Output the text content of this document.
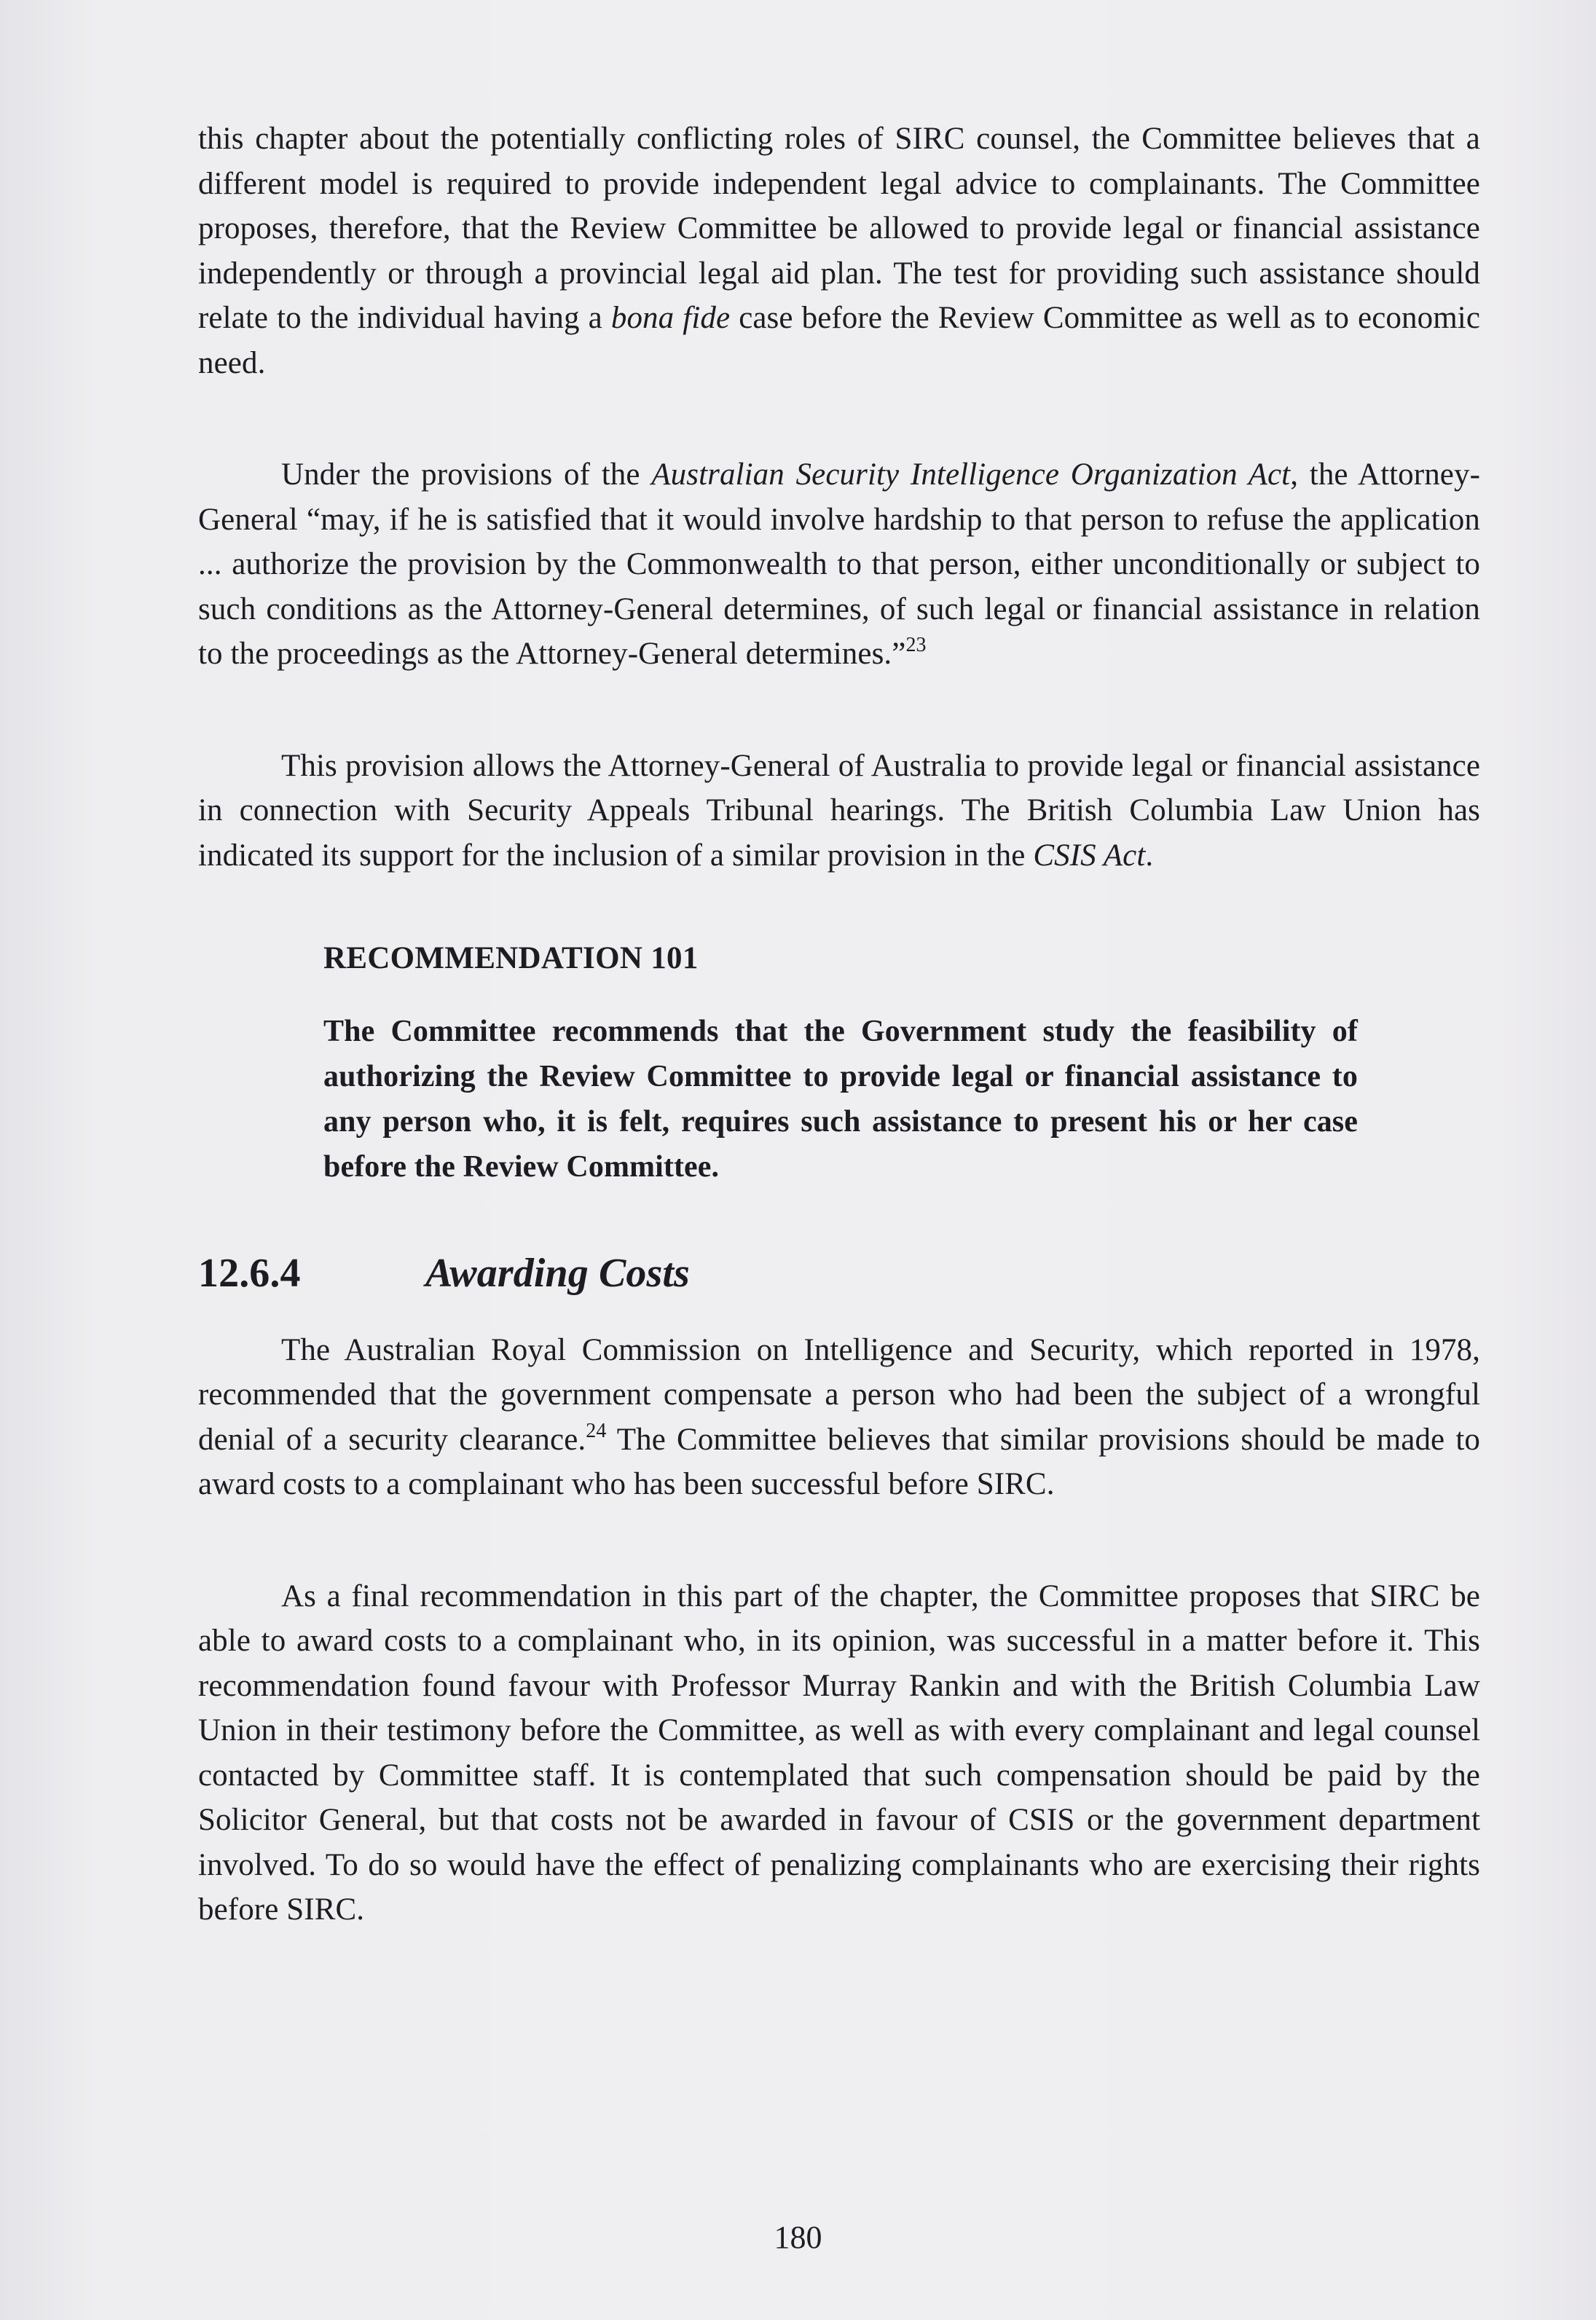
this chapter about the potentially conflicting roles of SIRC counsel, the Committee believes that a different model is required to provide independent legal advice to complainants. The Committee proposes, therefore, that the Review Committee be allowed to provide legal or financial assistance independently or through a provincial legal aid plan. The test for providing such assistance should relate to the individual having a bona fide case before the Review Committee as well as to economic need.

Under the provisions of the Australian Security Intelligence Organization Act, the Attorney-General “may, if he is satisfied that it would involve hardship to that person to refuse the application ... authorize the provision by the Commonwealth to that person, either unconditionally or subject to such conditions as the Attorney-General determines, of such legal or financial assistance in relation to the proceedings as the Attorney-General determines.”$^{23}$

This provision allows the Attorney-General of Australia to provide legal or financial assistance in connection with Security Appeals Tribunal hearings. The British Columbia Law Union has indicated its support for the inclusion of a similar provision in the CSIS Act.

RECOMMENDATION 101
The Committee recommends that the Government study the feasibility of authorizing the Review Committee to provide legal or financial assistance to any person who, it is felt, requires such assistance to present his or her case before the Review Committee.
12.6.4	Awarding Costs

The Australian Royal Commission on Intelligence and Security, which reported in 1978, recommended that the government compensate a person who had been the subject of a wrongful denial of a security clearance.$^{24}$ The Committee believes that similar provisions should be made to award costs to a complainant who has been successful before SIRC.

As a final recommendation in this part of the chapter, the Committee proposes that SIRC be able to award costs to a complainant who, in its opinion, was successful in a matter before it. This recommendation found favour with Professor Murray Rankin and with the British Columbia Law Union in their testimony before the Committee, as well as with every complainant and legal counsel contacted by Committee staff. It is contemplated that such compensation should be paid by the Solicitor General, but that costs not be awarded in favour of CSIS or the government department involved. To do so would have the effect of penalizing complainants who are exercising their rights before SIRC.

180
